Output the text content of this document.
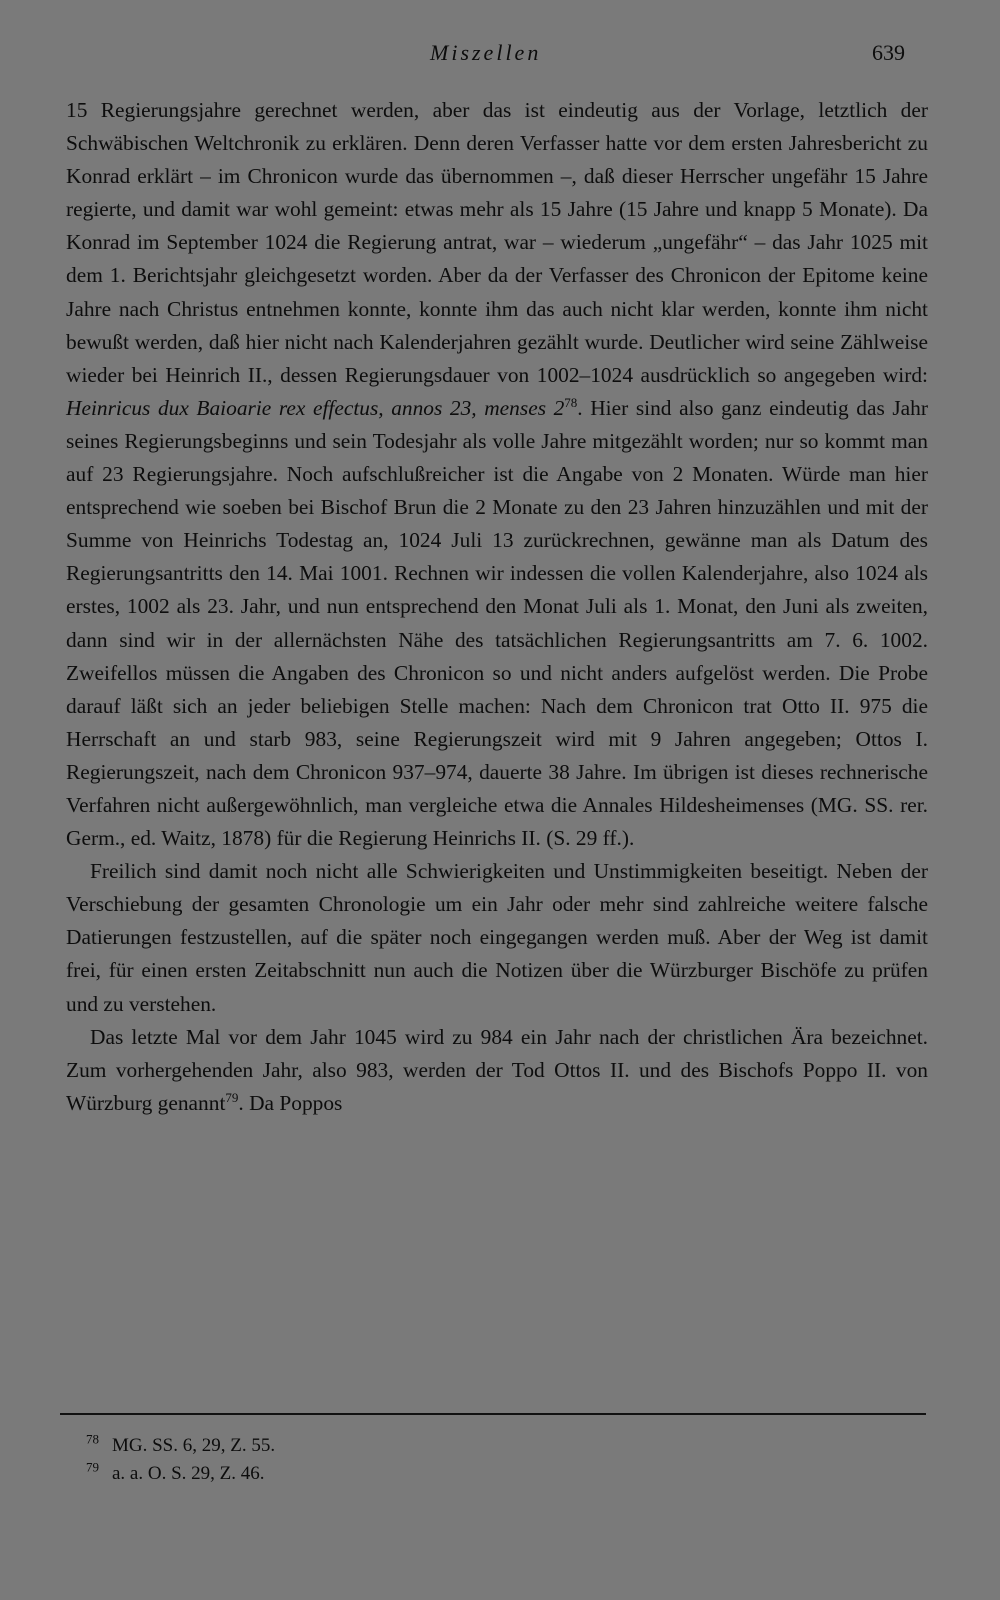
Miszellen	639

15 Regierungsjahre gerechnet werden, aber das ist eindeutig aus der Vorlage, letztlich der Schwäbischen Weltchronik zu erklären. Denn deren Verfasser hatte vor dem ersten Jahresbericht zu Konrad erklärt – im Chronicon wurde das übernommen –, daß dieser Herrscher ungefähr 15 Jahre regierte, und damit war wohl gemeint: etwas mehr als 15 Jahre (15 Jahre und knapp 5 Monate). Da Konrad im September 1024 die Regierung antrat, war – wiederum „ungefähr“ – das Jahr 1025 mit dem 1. Berichtsjahr gleichgesetzt worden. Aber da der Verfasser des Chronicon der Epitome keine Jahre nach Christus entnehmen konnte, konnte ihm das auch nicht klar werden, konnte ihm nicht bewußt werden, daß hier nicht nach Kalenderjahren gezählt wurde. Deutlicher wird seine Zählweise wieder bei Heinrich II., dessen Regierungsdauer von 1002–1024 ausdrücklich so angegeben wird: Heinricus dux Baioarie rex effectus, annos 23, menses $2^{78}$. Hier sind also ganz eindeutig das Jahr seines Regierungsbeginns und sein Todesjahr als volle Jahre mitgezählt worden; nur so kommt man auf 23 Regierungsjahre. Noch aufschlußreicher ist die Angabe von 2 Monaten. Würde man hier entsprechend wie soeben bei Bischof Brun die 2 Monate zu den 23 Jahren hinzuzählen und mit der Summe von Heinrichs Todestag an, 1024 Juli 13 zurückrechnen, gewänne man als Datum des Regierungsantritts den 14. Mai 1001. Rechnen wir indessen die vollen Kalenderjahre, also 1024 als erstes, 1002 als 23. Jahr, und nun entsprechend den Monat Juli als 1. Monat, den Juni als zweiten, dann sind wir in der allernächsten Nähe des tatsächlichen Regierungsantritts am 7. 6. 1002. Zweifellos müssen die Angaben des Chronicon so und nicht anders aufgelöst werden. Die Probe darauf läßt sich an jeder beliebigen Stelle machen: Nach dem Chronicon trat Otto II. 975 die Herrschaft an und starb 983, seine Regierungszeit wird mit 9 Jahren angegeben; Ottos I. Regierungszeit, nach dem Chronicon 937–974, dauerte 38 Jahre. Im übrigen ist dieses rechnerische Verfahren nicht außergewöhnlich, man vergleiche etwa die Annales Hildesheimenses (MG. SS. rer. Germ., ed. Waitz, 1878) für die Regierung Heinrichs II. (S. 29 ff.).

Freilich sind damit noch nicht alle Schwierigkeiten und Unstimmigkeiten beseitigt. Neben der Verschiebung der gesamten Chronologie um ein Jahr oder mehr sind zahlreiche weitere falsche Datierungen festzustellen, auf die später noch eingegangen werden muß. Aber der Weg ist damit frei, für einen ersten Zeitabschnitt nun auch die Notizen über die Würzburger Bischöfe zu prüfen und zu verstehen.

Das letzte Mal vor dem Jahr 1045 wird zu 984 ein Jahr nach der christlichen Ära bezeichnet. Zum vorhergehenden Jahr, also 983, werden der Tod Ottos II. und des Bischofs Poppo II. von Würzburg genannt$^{79}$. Da Poppos

$^{78}$ MG. SS. 6, 29, Z. 55.

$^{79}$ a. a. O. S. 29, Z. 46.
